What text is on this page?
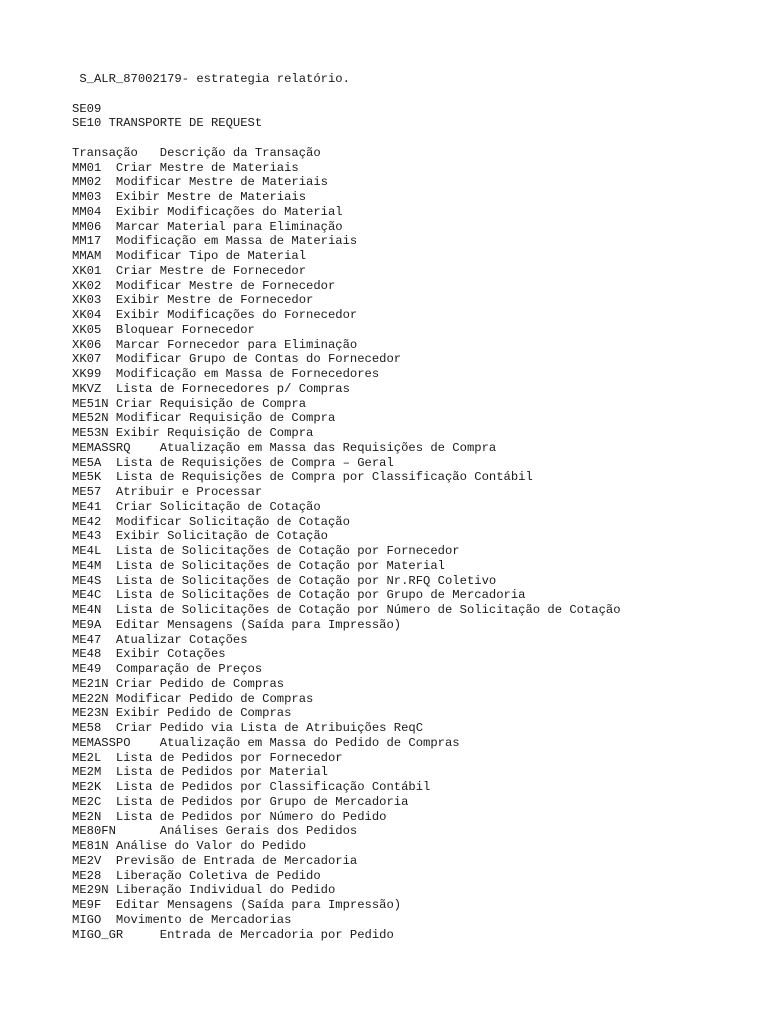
S_ALR_87002179- estrategia relatório.
SE09
SE10 TRANSPORTE DE REQUESt
Transação   Descrição da Transação
MM01  Criar Mestre de Materiais
MM02  Modificar Mestre de Materiais
MM03  Exibir Mestre de Materiais
MM04  Exibir Modificações do Material
MM06  Marcar Material para Eliminação
MM17  Modificação em Massa de Materiais
MMAM  Modificar Tipo de Material
XK01  Criar Mestre de Fornecedor
XK02  Modificar Mestre de Fornecedor
XK03  Exibir Mestre de Fornecedor
XK04  Exibir Modificações do Fornecedor
XK05  Bloquear Fornecedor
XK06  Marcar Fornecedor para Eliminação
XK07  Modificar Grupo de Contas do Fornecedor
XK99  Modificação em Massa de Fornecedores
MKVZ  Lista de Fornecedores p/ Compras
ME51N Criar Requisição de Compra
ME52N Modificar Requisição de Compra
ME53N Exibir Requisição de Compra
MEMASSRQ    Atualização em Massa das Requisições de Compra
ME5A  Lista de Requisições de Compra – Geral
ME5K  Lista de Requisições de Compra por Classificação Contábil
ME57  Atribuir e Processar
ME41  Criar Solicitação de Cotação
ME42  Modificar Solicitação de Cotação
ME43  Exibir Solicitação de Cotação
ME4L  Lista de Solicitações de Cotação por Fornecedor
ME4M  Lista de Solicitações de Cotação por Material
ME4S  Lista de Solicitações de Cotação por Nr.RFQ Coletivo
ME4C  Lista de Solicitações de Cotação por Grupo de Mercadoria
ME4N  Lista de Solicitações de Cotação por Número de Solicitação de Cotação
ME9A  Editar Mensagens (Saída para Impressão)
ME47  Atualizar Cotações
ME48  Exibir Cotações
ME49  Comparação de Preços
ME21N Criar Pedido de Compras
ME22N Modificar Pedido de Compras
ME23N Exibir Pedido de Compras
ME58  Criar Pedido via Lista de Atribuições ReqC
MEMASSPO    Atualização em Massa do Pedido de Compras
ME2L  Lista de Pedidos por Fornecedor
ME2M  Lista de Pedidos por Material
ME2K  Lista de Pedidos por Classificação Contábil
ME2C  Lista de Pedidos por Grupo de Mercadoria
ME2N  Lista de Pedidos por Número do Pedido
ME80FN      Análises Gerais dos Pedidos
ME81N Análise do Valor do Pedido
ME2V  Previsão de Entrada de Mercadoria
ME28  Liberação Coletiva de Pedido
ME29N Liberação Individual do Pedido
ME9F  Editar Mensagens (Saída para Impressão)
MIGO  Movimento de Mercadorias
MIGO_GR     Entrada de Mercadoria por Pedido
